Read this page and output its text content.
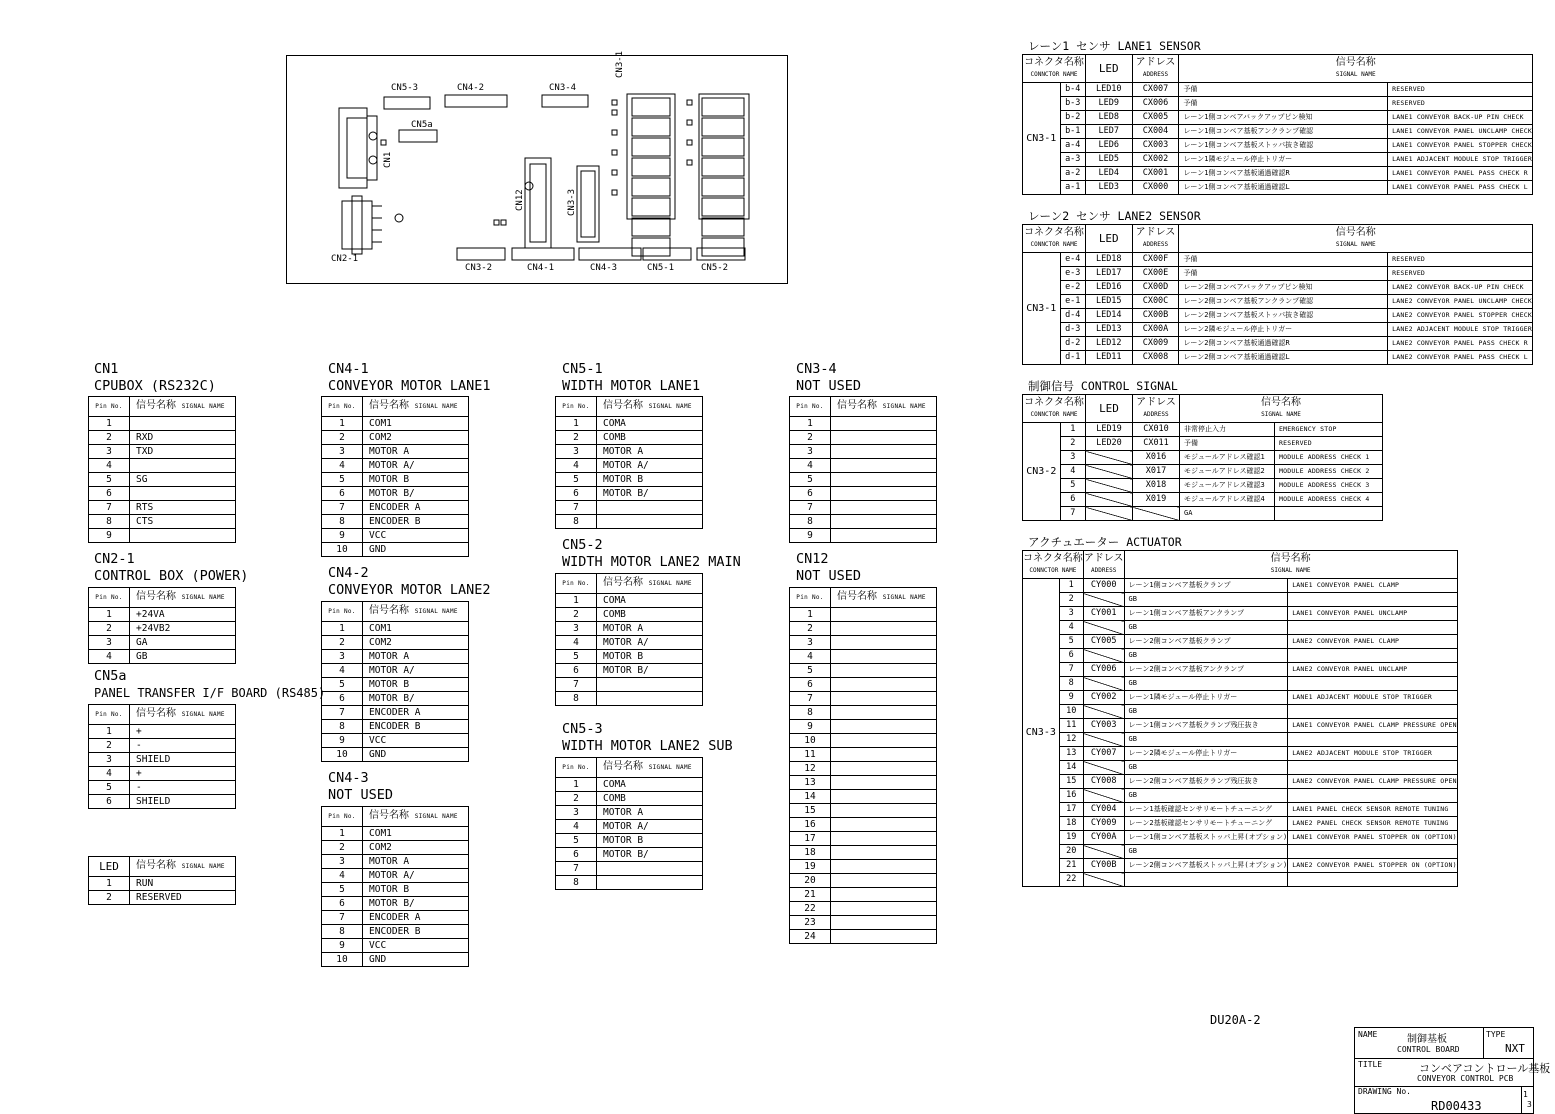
CN5-3	CN4-2	CN3-4
CN3-1
CN5a
CN1
CN12	CN3-3
CN2-1
CN3-2	CN4-1	CN4-3	CN5-1	CN5-2
CN1
CPUBOX (RS232C)
Pin No.	信号名称 SIGNAL NAME
1	
2	RXD
3	TXD
4	
5	SG
6	
7	RTS
8	CTS
9	
CN2-1
CONTROL BOX (POWER)
Pin No.	信号名称 SIGNAL NAME
1	+24VA
2	+24VB2
3	GA
4	GB
CN5a
PANEL TRANSFER I/F BOARD (RS485)
Pin No.	信号名称 SIGNAL NAME
1	+
2	-
3	SHIELD
4	+
5	-
6	SHIELD
LED	信号名称 SIGNAL NAME
1	RUN
2	RESERVED
CN4-1
CONVEYOR MOTOR LANE1
Pin No.	信号名称 SIGNAL NAME
1	COM1
2	COM2
3	MOTOR A
4	MOTOR A/
5	MOTOR B
6	MOTOR B/
7	ENCODER A
8	ENCODER B
9	VCC
10	GND
CN4-2
CONVEYOR MOTOR LANE2
Pin No.	信号名称 SIGNAL NAME
1	COM1
2	COM2
3	MOTOR A
4	MOTOR A/
5	MOTOR B
6	MOTOR B/
7	ENCODER A
8	ENCODER B
9	VCC
10	GND
CN4-3
NOT USED
Pin No.	信号名称 SIGNAL NAME
1	COM1
2	COM2
3	MOTOR A
4	MOTOR A/
5	MOTOR B
6	MOTOR B/
7	ENCODER A
8	ENCODER B
9	VCC
10	GND
CN5-1
WIDTH MOTOR LANE1
Pin No.	信号名称 SIGNAL NAME
1	COMA
2	COMB
3	MOTOR A
4	MOTOR A/
5	MOTOR B
6	MOTOR B/
7	
8	
CN5-2
WIDTH MOTOR LANE2 MAIN
Pin No.	信号名称 SIGNAL NAME
1	COMA
2	COMB
3	MOTOR A
4	MOTOR A/
5	MOTOR B
6	MOTOR B/
7	
8	
CN5-3
WIDTH MOTOR LANE2 SUB
Pin No.	信号名称 SIGNAL NAME
1	COMA
2	COMB
3	MOTOR A
4	MOTOR A/
5	MOTOR B
6	MOTOR B/
7	
8	
CN3-4
NOT USED
Pin No.	信号名称 SIGNAL NAME
1	
2	
3	
4	
5	
6	
7	
8	
9	
CN12
NOT USED
Pin No.	信号名称 SIGNAL NAME
1	
2	
3	
4	
5	
6	
7	
8	
9	
10	
11	
12	
13	
14	
15	
16	
17	
18	
19	
20	
21	
22	
23	
24	
レーン1 センサ LANE1 SENSOR
コネクタ名称
CONNCTOR NAME		LED	アドレス
ADDRESS	信号名称
SIGNAL NAME	

CN3-1	b-4	LED10	CX007	予備	RESERVED
	b-3	LED9	CX006	予備	RESERVED
	b-2	LED8	CX005	レーン1側コンベアバックアップピン検知	LANE1 CONVEYOR BACK-UP PIN CHECK
	b-1	LED7	CX004	レーン1側コンベア基板アンクランプ確認	LANE1 CONVEYOR PANEL UNCLAMP CHECK
	a-4	LED6	CX003	レーン1側コンベア基板ストッパ抜き確認	LANE1 CONVEYOR PANEL STOPPER CHECK
	a-3	LED5	CX002	レーン1隣モジュール停止トリガー	LANE1 ADJACENT MODULE STOP TRIGGER
	a-2	LED4	CX001	レーン1側コンベア基板通過確認R	LANE1 CONVEYOR PANEL PASS CHECK R
	a-1	LED3	CX000	レーン1側コンベア基板通過確認L	LANE1 CONVEYOR PANEL PASS CHECK L
レーン2 センサ LANE2 SENSOR
コネクタ名称
CONNCTOR NAME		LED	アドレス
ADDRESS	信号名称
SIGNAL NAME	

CN3-1	e-4	LED18	CX00F	予備	RESERVED
	e-3	LED17	CX00E	予備	RESERVED
	e-2	LED16	CX00D	レーン2側コンベアバックアップピン検知	LANE2 CONVEYOR BACK-UP PIN CHECK
	e-1	LED15	CX00C	レーン2側コンベア基板アンクランプ確認	LANE2 CONVEYOR PANEL UNCLAMP CHECK
	d-4	LED14	CX00B	レーン2側コンベア基板ストッパ抜き確認	LANE2 CONVEYOR PANEL STOPPER CHECK
	d-3	LED13	CX00A	レーン2隣モジュール停止トリガー	LANE2 ADJACENT MODULE STOP TRIGGER
	d-2	LED12	CX009	レーン2側コンベア基板通過確認R	LANE2 CONVEYOR PANEL PASS CHECK R
	d-1	LED11	CX008	レーン2側コンベア基板通過確認L	LANE2 CONVEYOR PANEL PASS CHECK L
制御信号 CONTROL SIGNAL
コネクタ名称
CONNCTOR NAME		LED	アドレス
ADDRESS	信号名称
SIGNAL NAME	

CN3-2	1	LED19	CX010	非常停止入力	EMERGENCY STOP
	2	LED20	CX011	予備	RESERVED
	3		X016	モジュールアドレス確認1	MODULE ADDRESS CHECK 1
	4		X017	モジュールアドレス確認2	MODULE ADDRESS CHECK 2
	5		X018	モジュールアドレス確認3	MODULE ADDRESS CHECK 3
	6		X019	モジュールアドレス確認4	MODULE ADDRESS CHECK 4
	7			GA	
アクチュエーター ACTUATOR
コネクタ名称
CONNCTOR NAME		アドレス
ADDRESS	信号名称
SIGNAL NAME	

CN3-3	1	CY000	レーン1側コンベア基板クランプ	LANE1 CONVEYOR PANEL CLAMP
	2		GB	
	3	CY001	レーン1側コンベア基板アンクランプ	LANE1 CONVEYOR PANEL UNCLAMP
	4		GB	
	5	CY005	レーン2側コンベア基板クランプ	LANE2 CONVEYOR PANEL CLAMP
	6		GB	
	7	CY006	レーン2側コンベア基板アンクランプ	LANE2 CONVEYOR PANEL UNCLAMP
	8		GB	
	9	CY002	レーン1隣モジュール停止トリガー	LANE1 ADJACENT MODULE STOP TRIGGER
	10		GB	
	11	CY003	レーン1側コンベア基板クランプ残圧抜き	LANE1 CONVEYOR PANEL CLAMP PRESSURE OPEN
	12		GB	
	13	CY007	レーン2隣モジュール停止トリガー	LANE2 ADJACENT MODULE STOP TRIGGER
	14		GB	
	15	CY008	レーン2側コンベア基板クランプ残圧抜き	LANE2 CONVEYOR PANEL CLAMP PRESSURE OPEN
	16		GB	
	17	CY004	レーン1基板確認センサリモートチューニング	LANE1 PANEL CHECK SENSOR REMOTE TUNING
	18	CY009	レーン2基板確認センサリモートチューニング	LANE2 PANEL CHECK SENSOR REMOTE TUNING
	19	CY00A	レーン1側コンベア基板ストッパ上昇(オプション)	LANE1 CONVEYOR PANEL STOPPER ON (OPTION)
	20		GB	
	21	CY00B	レーン2側コンベア基板ストッパ上昇(オプション)	LANE2 CONVEYOR PANEL STOPPER ON (OPTION)
	22			
DU20A-2
NAME	制御基板
CONTROL BOARD
TYPE
NXT
TITLE	コンベアコントロール基板
CONVEYOR CONTROL PCB
DRAWING No.
RD00433
1
3
